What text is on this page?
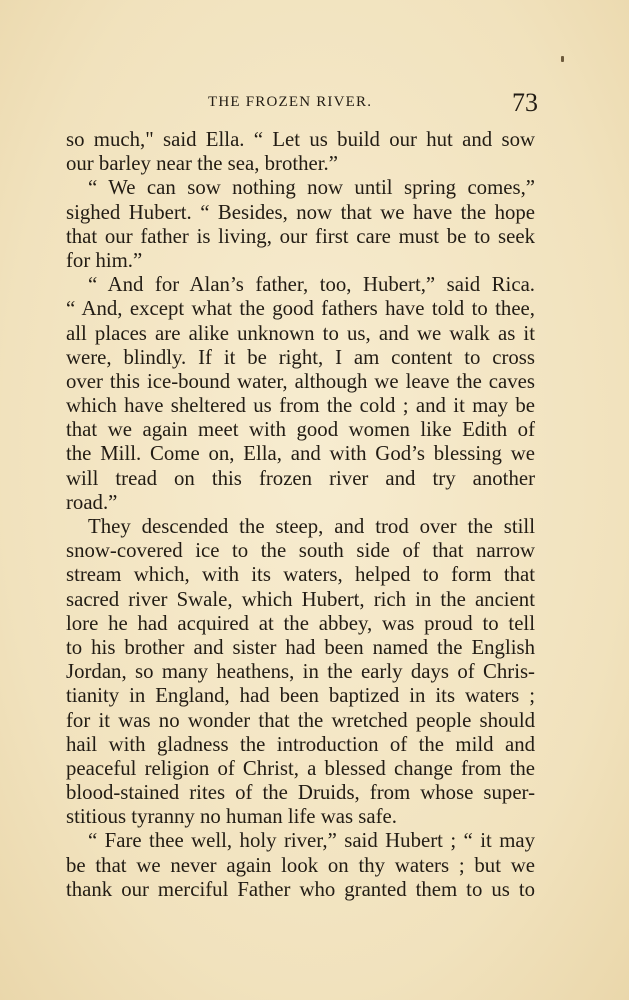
THE FROZEN RIVER.	73
so much," said Ella. “ Let us build our hut and sow
our barley near the sea, brother.”
“ We can sow nothing now until spring comes,”
sighed Hubert. “ Besides, now that we have the hope
that our father is living, our first care must be to seek
for him.”
“ And for Alan’s father, too, Hubert,” said Rica.
“ And, except what the good fathers have told to thee,
all places are alike unknown to us, and we walk as it
were, blindly. If it be right, I am content to cross
over this ice-bound water, although we leave the caves
which have sheltered us from the cold ; and it may be
that we again meet with good women like Edith of
the Mill. Come on, Ella, and with God’s blessing we
will tread on this frozen river and try another
road.”
They descended the steep, and trod over the still
snow-covered ice to the south side of that narrow
stream which, with its waters, helped to form that
sacred river Swale, which Hubert, rich in the ancient
lore he had acquired at the abbey, was proud to tell
to his brother and sister had been named the English
Jordan, so many heathens, in the early days of Chris-
tianity in England, had been baptized in its waters ;
for it was no wonder that the wretched people should
hail with gladness the introduction of the mild and
peaceful religion of Christ, a blessed change from the
blood-stained rites of the Druids, from whose super-
stitious tyranny no human life was safe.
“ Fare thee well, holy river,” said Hubert ; “ it may
be that we never again look on thy waters ; but we
thank our merciful Father who granted them to us to
